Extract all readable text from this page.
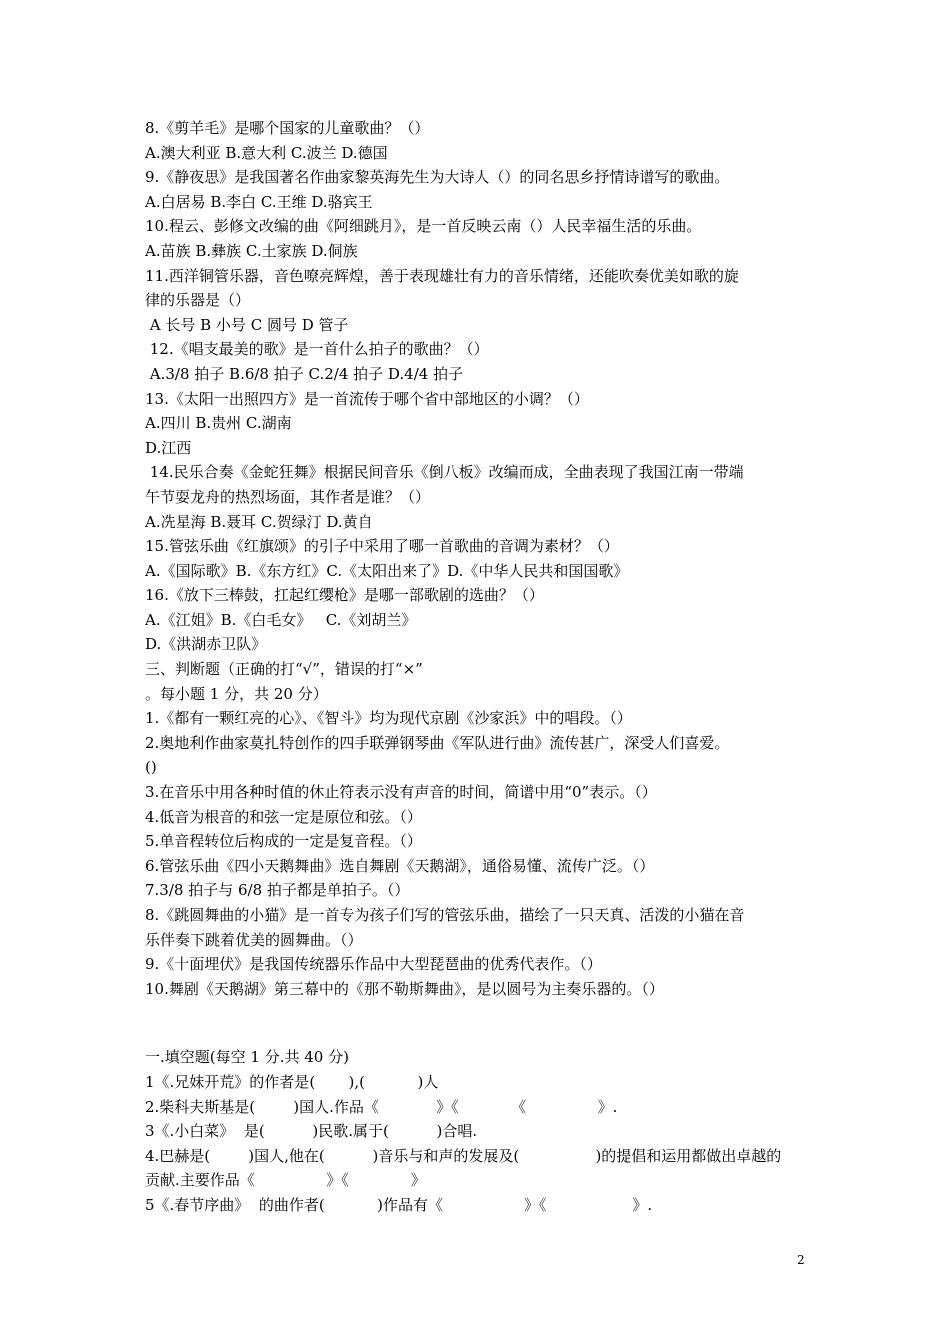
8.《剪羊毛》是哪个国家的儿童歌曲？（）
A.澳大利亚 B.意大利 C.波兰 D.德国
9.《静夜思》是我国著名作曲家黎英海先生为大诗人（）的同名思乡抒情诗谱写的歌曲。
A.白居易 B.李白 C.王维 D.骆宾王
10.程云、彭修文改编的曲《阿细跳月》，是一首反映云南（）人民幸福生活的乐曲。
A.苗族 B.彝族 C.土家族 D.侗族
11.西洋铜管乐器，音色嘹亮辉煌，善于表现雄壮有力的音乐情绪，还能吹奏优美如歌的旋
律的乐器是（）
A 长号 B 小号 C 圆号 D 管子
12.《唱支最美的歌》是一首什么拍子的歌曲？（）
A.3/8 拍子 B.6/8 拍子 C.2/4 拍子 D.4/4 拍子
13.《太阳一出照四方》是一首流传于哪个省中部地区的小调？（）
A.四川 B.贵州 C.湖南
D.江西
14.民乐合奏《金蛇狂舞》根据民间音乐《倒八板》改编而成，全曲表现了我国江南一带端
午节耍龙舟的热烈场面，其作者是谁？（）
A.冼星海 B.聂耳 C.贺绿汀 D.黄自
15.管弦乐曲《红旗颂》的引子中采用了哪一首歌曲的音调为素材？（）
A.《国际歌》B.《东方红》C.《太阳出来了》D.《中华人民共和国国歌》
16.《放下三棒鼓，扛起红缨枪》是哪一部歌剧的选曲？（）
A.《江姐》B.《白毛女》   C.《刘胡兰》
D.《洪湖赤卫队》
三、判断题（正确的打“√”，错误的打“×”
。每小题 1 分，共 20 分）
1.《都有一颗红亮的心》、《智斗》均为现代京剧《沙家浜》中的唱段。（）
2.奥地利作曲家莫扎特创作的四手联弹钢琴曲《军队进行曲》流传甚广，深受人们喜爱。
()
3.在音乐中用各种时值的休止符表示没有声音的时间，简谱中用“0”表示。（）
4.低音为根音的和弦一定是原位和弦。（）
5.单音程转位后构成的一定是复音程。（）
6.管弦乐曲《四小天鹅舞曲》选自舞剧《天鹅湖》，通俗易懂、流传广泛。（）
7.3/8 拍子与 6/8 拍子都是单拍子。（）
8.《跳圆舞曲的小猫》是一首专为孩子们写的管弦乐曲，描绘了一只天真、活泼的小猫在音
乐伴奏下跳着优美的圆舞曲。（）
9.《十面埋伏》是我国传统器乐作品中大型琵琶曲的优秀代表作。（）
10.舞剧《天鹅湖》第三幕中的《那不勒斯舞曲》，是以圆号为主奏乐器的。（）
一.填空题(每空 1 分.共 40 分)
1《.兄妹开荒》的作者是(       ),(           )人
2.柴科夫斯基是(        )国人.作品《            》《           《               》.
3《.小白菜》  是(          )民歌.属于(          )合唱.
4.巴赫是(        )国人,他在(          )音乐与和声的发展及(                )的提倡和运用都做出卓越的
贡献.主要作品《               》《             》
5《.春节序曲》  的曲作者(           )作品有《                 》《                  》.
2
